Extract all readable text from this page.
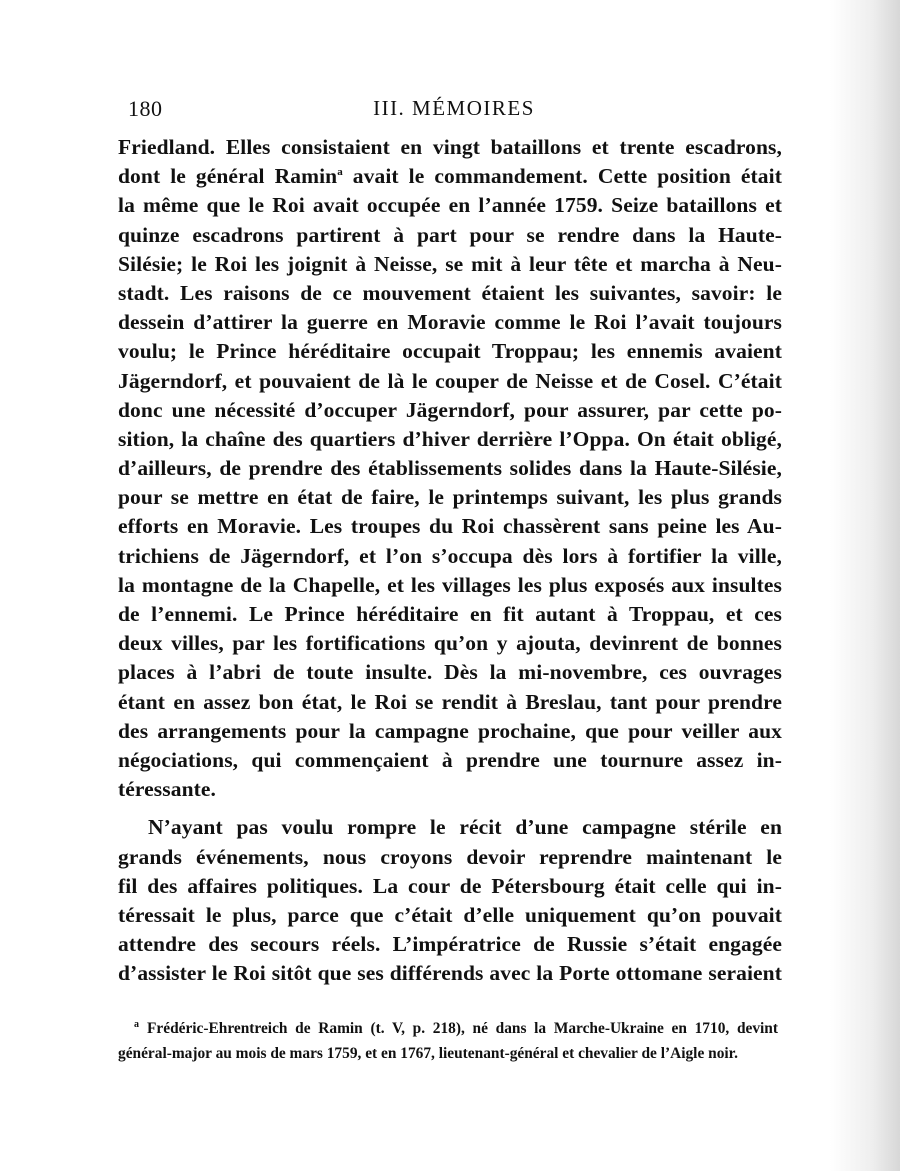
180	III. MÉMOIRES
Friedland. Elles consistaient en vingt bataillons et trente escadrons,
dont le général Ramin$^a$ avait le commandement. Cette position était
la même que le Roi avait occupée en l’année 1759. Seize bataillons et
quinze escadrons partirent à part pour se rendre dans la Haute-
Silésie; le Roi les joignit à Neisse, se mit à leur tête et marcha à Neu-
stadt. Les raisons de ce mouvement étaient les suivantes, savoir: le
dessein d’attirer la guerre en Moravie comme le Roi l’avait toujours
voulu; le Prince héréditaire occupait Troppau; les ennemis avaient
Jägerndorf, et pouvaient de là le couper de Neisse et de Cosel. C’était
donc une nécessité d’occuper Jägerndorf, pour assurer, par cette po-
sition, la chaîne des quartiers d’hiver derrière l’Oppa. On était obligé,
d’ailleurs, de prendre des établissements solides dans la Haute-Silésie,
pour se mettre en état de faire, le printemps suivant, les plus grands
efforts en Moravie. Les troupes du Roi chassèrent sans peine les Au-
trichiens de Jägerndorf, et l’on s’occupa dès lors à fortifier la ville,
la montagne de la Chapelle, et les villages les plus exposés aux insultes
de l’ennemi. Le Prince héréditaire en fit autant à Troppau, et ces
deux villes, par les fortifications qu’on y ajouta, devinrent de bonnes
places à l’abri de toute insulte. Dès la mi-novembre, ces ouvrages
étant en assez bon état, le Roi se rendit à Breslau, tant pour prendre
des arrangements pour la campagne prochaine, que pour veiller aux
négociations, qui commençaient à prendre une tournure assez in-
téressante.
N’ayant pas voulu rompre le récit d’une campagne stérile en
grands événements, nous croyons devoir reprendre maintenant le
fil des affaires politiques. La cour de Pétersbourg était celle qui in-
téressait le plus, parce que c’était d’elle uniquement qu’on pouvait
attendre des secours réels. L’impératrice de Russie s’était engagée
d’assister le Roi sitôt que ses différends avec la Porte ottomane seraient
$^a$ Frédéric-Ehrentreich de Ramin (t. V, p. 218), né dans la Marche-Ukraine en 1710, devint
général-major au mois de mars 1759, et en 1767, lieutenant-général et chevalier de l’Aigle noir.
